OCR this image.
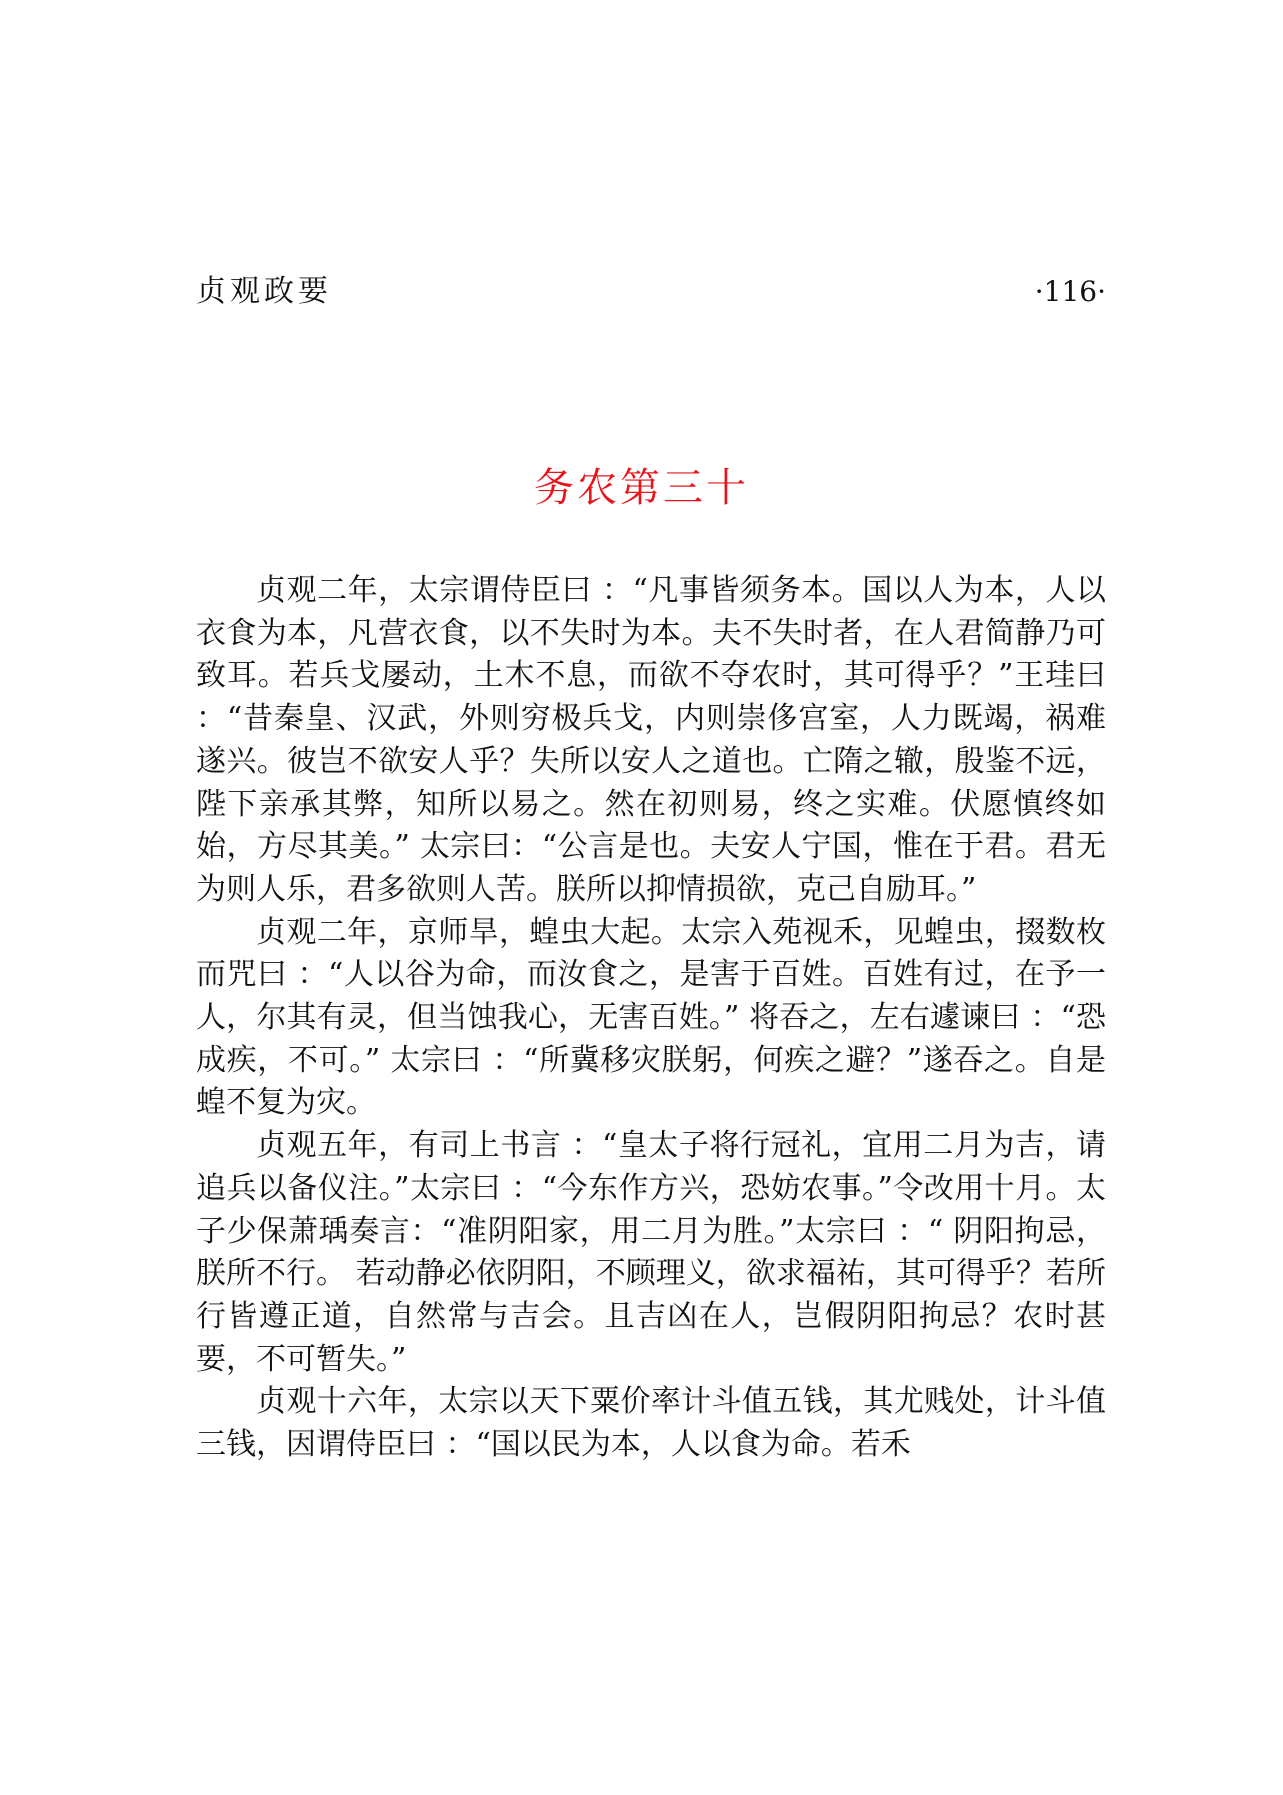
贞观政要	·116·
务农第三十

贞观二年，太宗谓侍臣曰 ：“凡事皆须务本。国以人为本，人以衣食为本，凡营衣食，以不失时为本。夫不失时者，在人君简静乃可致耳。若兵戈屡动，土木不息，而欲不夺农时，其可得乎？”王珪曰 ：“昔秦皇、汉武，外则穷极兵戈，内则崇侈宫室，人力既竭，祸难遂兴。彼岂不欲安人乎？失所以安人之道也。亡隋之辙，殷鉴不远，陛下亲承其弊，知所以易之。然在初则易，终之实难。伏愿慎终如始，方尽其美。” 太宗曰：“公言是也。夫安人宁国，惟在于君。君无为则人乐，君多欲则人苦。朕所以抑情损欲，克己自励耳。”

贞观二年，京师旱，蝗虫大起。太宗入苑视禾，见蝗虫，掇数枚而咒曰 ：“人以谷为命，而汝食之，是害于百姓。百姓有过，在予一人，尔其有灵，但当蚀我心，无害百姓。” 将吞之，左右遽谏曰 ：“恐成疾，不可。” 太宗曰 ：“所冀移灾朕躬，何疾之避？”遂吞之。自是蝗不复为灾。

贞观五年，有司上书言 ：“皇太子将行冠礼，宜用二月为吉，请追兵以备仪注。”太宗曰 ：“今东作方兴，恐妨农事。”令改用十月。太子少保萧瑀奏言：“准阴阳家，用二月为胜。”太宗曰 ：“ 阴阳拘忌，朕所不行。 若动静必依阴阳，不顾理义，欲求福祐，其可得乎？若所行皆遵正道，自然常与吉会。且吉凶在人，岂假阴阳拘忌？农时甚要，不可暂失。”

贞观十六年，太宗以天下粟价率计斗值五钱，其尤贱处，计斗值三钱，因谓侍臣曰 ：“国以民为本，人以食为命。若禾
